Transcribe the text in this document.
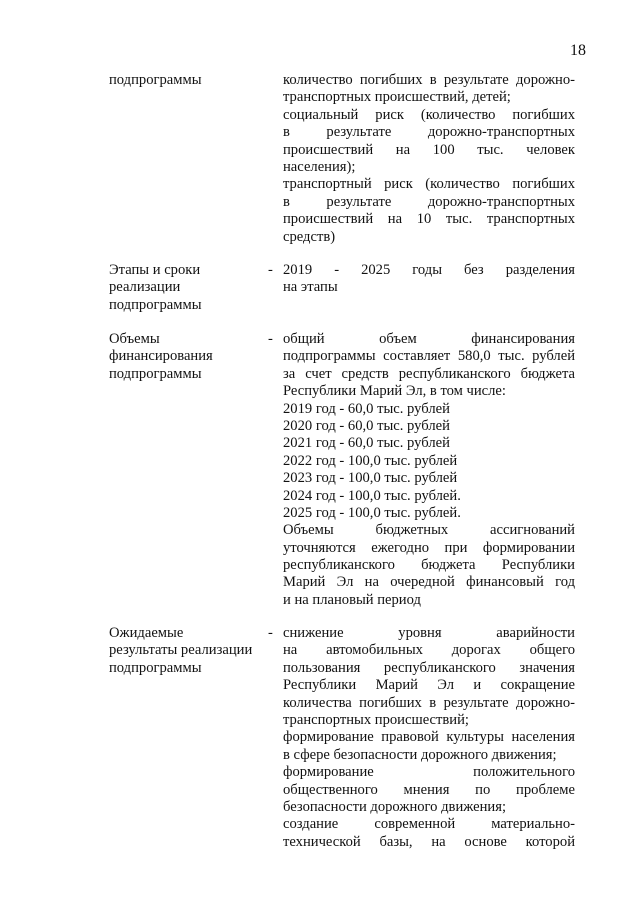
18
подпрограммы	количество погибших в результате дорожно-
транспортных происшествий, детей;
социальный риск (количество погибших
в результате дорожно-транспортных
происшествий на 100 тыс. человек
населения);
транспортный риск (количество погибших
в результате дорожно-транспортных
происшествий на 10 тыс. транспортных
средств)
Этапы и сроки
реализации
подпрограммы
- 2019 - 2025 годы без разделения
на этапы
Объемы
финансирования
подпрограммы
- общий объем финансирования
подпрограммы составляет 580,0 тыс. рублей
за счет средств республиканского бюджета
Республики Марий Эл, в том числе:
2019 год - 60,0 тыс. рублей
2020 год - 60,0 тыс. рублей
2021 год - 60,0 тыс. рублей
2022 год - 100,0 тыс. рублей
2023 год - 100,0 тыс. рублей
2024 год - 100,0 тыс. рублей.
2025 год - 100,0 тыс. рублей.
Объемы бюджетных ассигнований
уточняются ежегодно при формировании
республиканского бюджета Республики
Марий Эл на очередной финансовый год
и на плановый период
Ожидаемые
результаты реализации
подпрограммы
- снижение уровня аварийности
на автомобильных дорогах общего
пользования республиканского значения
Республики Марий Эл и сокращение
количества погибших в результате дорожно-
транспортных происшествий;
формирование правовой культуры населения
в сфере безопасности дорожного движения;
формирование положительного
общественного мнения по проблеме
безопасности дорожного движения;
создание современной материально-
технической базы, на основе которой
